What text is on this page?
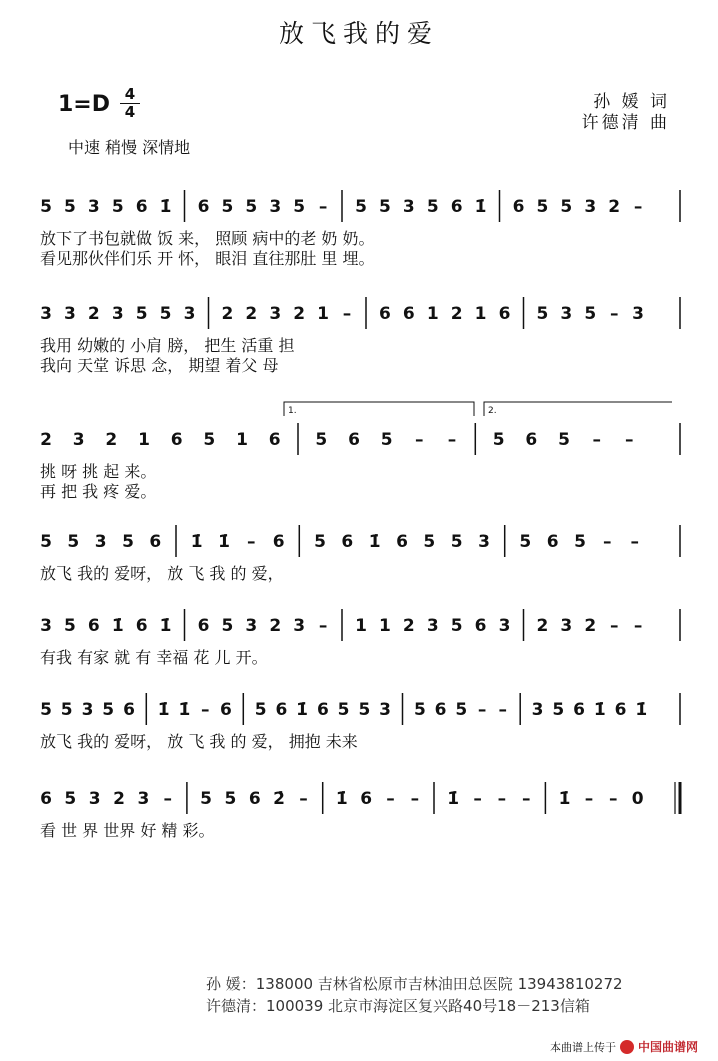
放飞我的爱
1=D 4
4	孙 媛 词
许德清 曲
中速 稍慢 深情地
5 5 3 5 6 1̇ 6 5 5 3 5 – 5 5 3 5 6 1̇ 6 5 5 3 2 –
放下了书包就做 饭 来， 照顾 病中的老 奶 奶。
看见那伙伴们乐 开 怀， 眼泪 直往那肚 里 埋。
3 3 2 3 5 5 3 2 2 3 2 1 – 6 6 1 2 1 6 5 3 5 – 3
我用 幼嫩的 小肩 膀， 把生 活重 担
我向 天堂 诉思 念， 期望 着父 母
2 3 2 1 6 5 1 6 5 6 5 – – 5 6 5 – –
挑 呀 挑 起 来。
再 把 我 疼 爱。
5 5 3 5 6 1̇ 1̇ – 6 5 6 1̇ 6 5 5 3 5 6 5 – –
放飞 我的 爱呀， 放 飞 我 的 爱，
3 5 6 1̇ 6 1̇ 6 5 3 2 3 – 1 1 2 3 5 6 3 2 3 2 – –
有我 有家 就 有 幸福 花 儿 开。
5 5 3 5 6 1̇ 1̇ – 6 5 6 1̇ 6 5 5 3 5 6 5 – – 3 5 6 1̇ 6 1̇
放飞 我的 爱呀， 放 飞 我 的 爱， 拥抱 未来
6 5 3 2 3 – 5 5 6 2̇ – 1̇ 6 – – 1̇ – – – 1̇ – – 0
看 世 界 世界 好 精 彩。
1.	2.
孙 媛：138000 吉林省松原市吉林油田总医院 13943810272
许德清：100039 北京市海淀区复兴路40号18－213信箱
本曲谱上传于 中国曲谱网
